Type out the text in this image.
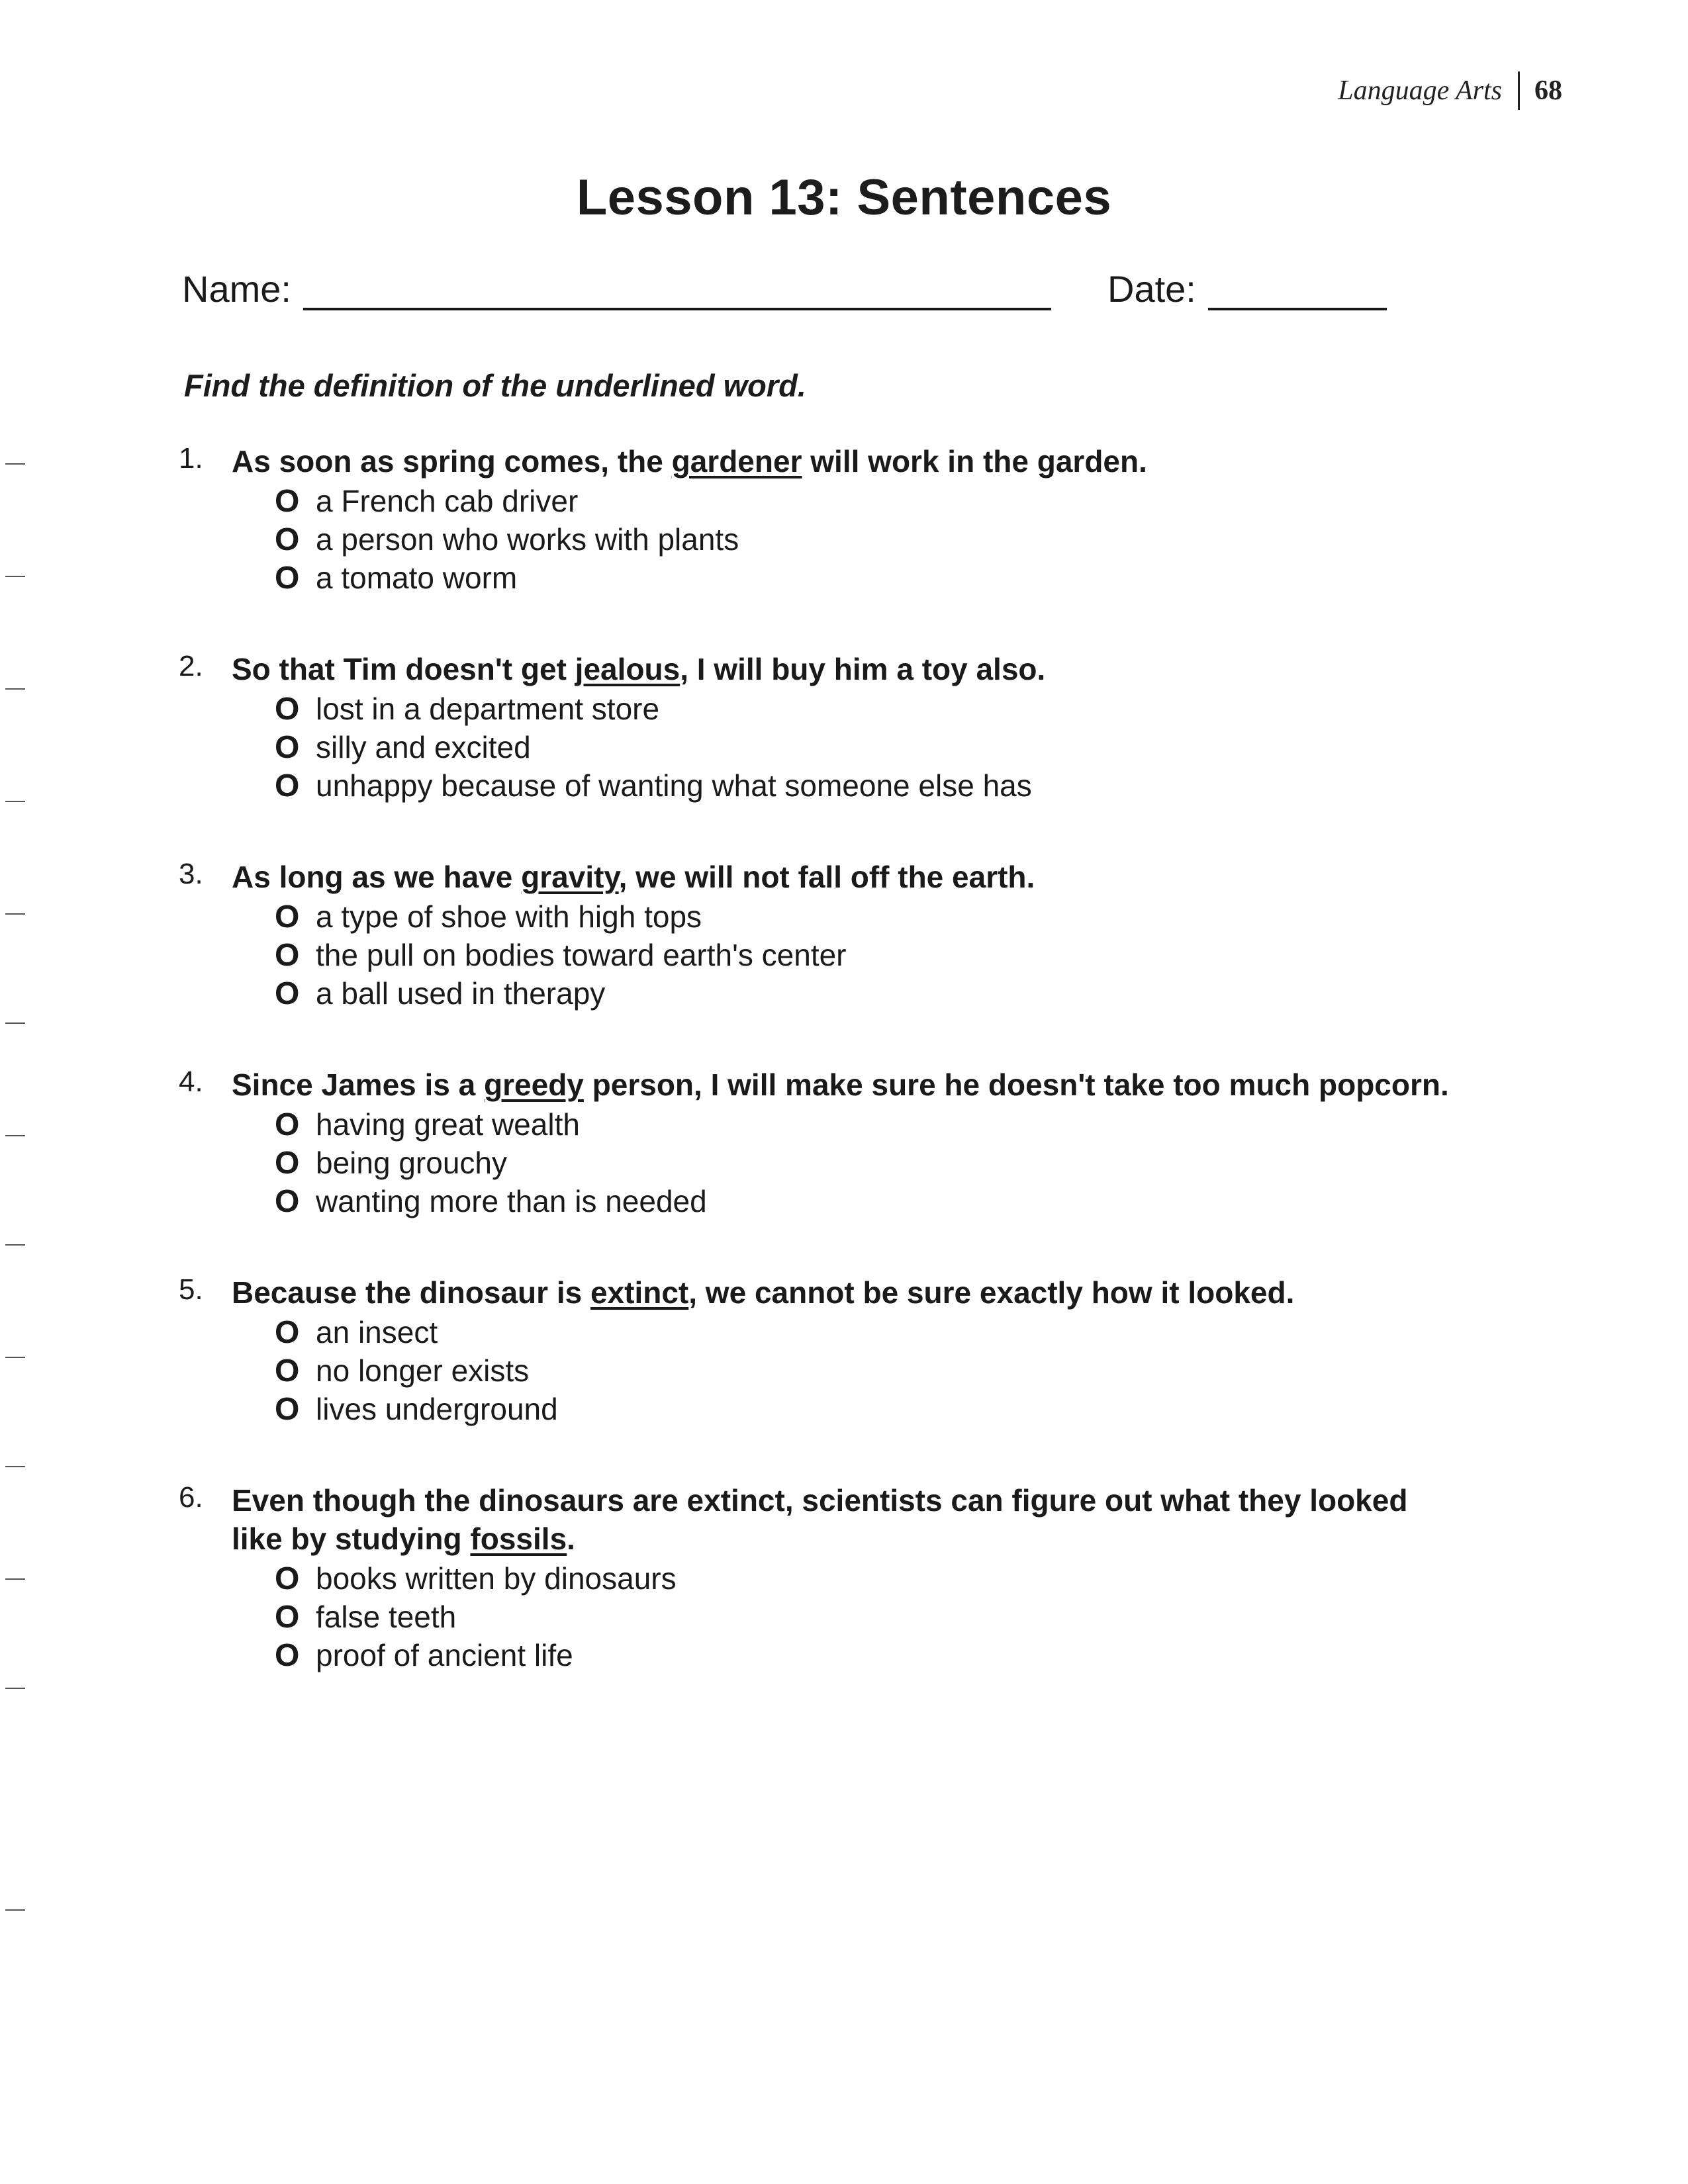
Language Arts 68
Lesson 13: Sentences
Name:	Date:
Find the definition of the underlined word.
1. As soon as spring comes, the gardener will work in the garden.
O a French cab driver
O a person who works with plants
O a tomato worm
2. So that Tim doesn't get jealous, I will buy him a toy also.
O lost in a department store
O silly and excited
O unhappy because of wanting what someone else has
3. As long as we have gravity, we will not fall off the earth.
O a type of shoe with high tops
O the pull on bodies toward earth's center
O a ball used in therapy
4. Since James is a greedy person, I will make sure he doesn't take too much popcorn.
O having great wealth
O being grouchy
O wanting more than is needed
5. Because the dinosaur is extinct, we cannot be sure exactly how it looked.
O an insect
O no longer exists
O lives underground
6. Even though the dinosaurs are extinct, scientists can figure out what they looked like by studying fossils.
O books written by dinosaurs
O false teeth
O proof of ancient life
